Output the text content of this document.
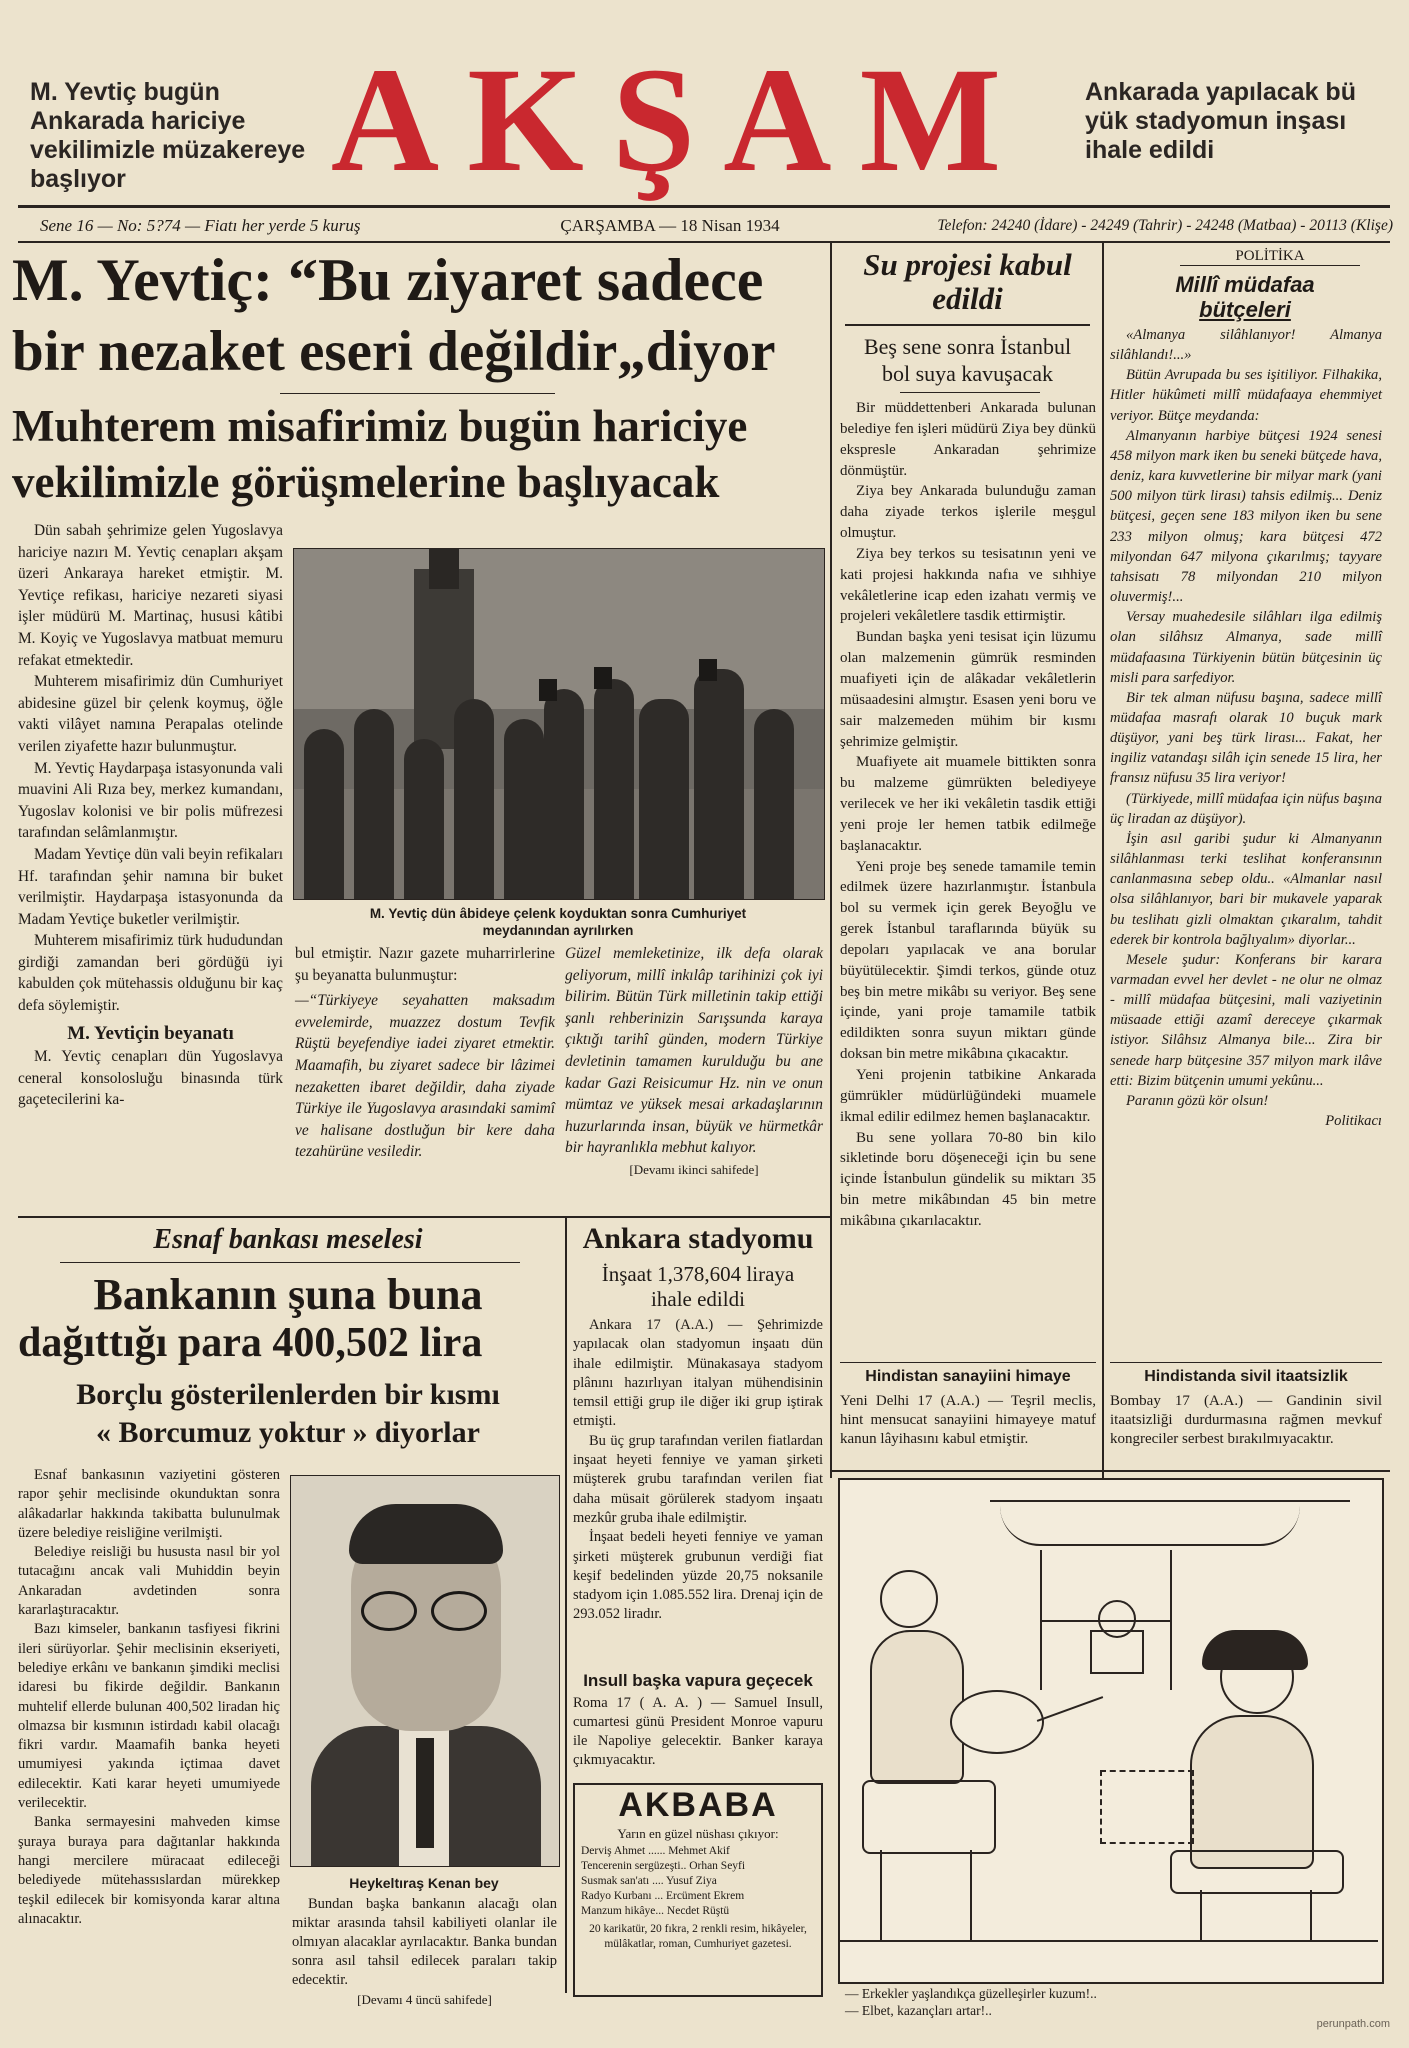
M. Yevtiç bugün Ankarada hariciye vekilimizle müzakereye başlıyor	AKŞAM Ankarada yapılacak bü yük stadyomun inşası ihale edildi
Sene 16 — No: 5?74 — Fiatı her yerde 5 kuruş	ÇARŞAMBA — 18 Nisan 1934	Telefon: 24240 (İdare) - 24249 (Tahrir) - 24248 (Matbaa) - 20113 (Klişe)
M. Yevtiç: “Bu ziyaret sadece
bir nezaket eseri değildir„diyor
Muhterem misafirimiz bugün hariciye
vekilimizle görüşmelerine başlıyacak

Dün sabah şehrimize gelen Yugoslavya hariciye nazırı M. Yevtiç cenapları akşam üzeri Ankaraya hareket etmiştir. M. Yevtiçe refikası, hariciye nezareti siyasi işler müdürü M. Martinaç, hususi kâtibi M. Koyiç ve Yugoslavya matbuat memuru refakat etmektedir.

Muhterem misafirimiz dün Cumhuriyet abidesine güzel bir çelenk koymuş, öğle vakti vilâyet namına Perapalas otelinde verilen ziyafette hazır bulunmuştur.

M. Yevtiç Haydarpaşa istasyonunda vali muavini Ali Rıza bey, merkez kumandanı, Yugoslav kolonisi ve bir polis müfrezesi tarafından selâmlanmıştır.

Madam Yevtiçe dün vali beyin refikaları Hf. tarafından şehir namına bir buket verilmiştir. Haydarpaşa istasyonunda da Madam Yevtiçe buketler verilmiştir.

Muhterem misafirimiz türk hududundan girdiği zamandan beri gördüğü iyi kabulden çok mütehassis olduğunu bir kaç defa söylemiştir.

M. Yevtiçin beyanatı

M. Yevtiç cenapları dün Yugoslavya ceneral konsolosluğu binasında türk gaçetecilerini ka-

M. Yevtiç dün âbideye çelenk koyduktan sonra Cumhuriyet
meydanından ayrılırken

bul etmiştir. Nazır gazete muharrirlerine şu beyanatta bulunmuştur:

—“Türkiyeye seyahatten maksadım evvelemirde, muazzez dostum Tevfik Rüştü beyefendiye iadei ziyaret etmektir. Maamafih, bu ziyaret sadece bir lâzimei nezaketten ibaret değildir, daha ziyade Türkiye ile Yugoslavya arasındaki samimî ve halisane dostluğun bir kere daha tezahürüne vesiledir.

Güzel memleketinize, ilk defa olarak geliyorum, millî inkılâp tarihinizi çok iyi bilirim. Bütün Türk milletinin takip ettiği şanlı rehberinizin Sarışsunda karaya çıktığı tarihî günden, modern Türkiye devletinin tamamen kurulduğu bu ane kadar Gazi Reisicumur Hz. nin ve onun mümtaz ve yüksek mesai arkadaşlarının huzurlarında insan, büyük ve hürmetkâr bir hayranlıkla mebhut kalıyor.

[Devamı ikinci sahifede]

Su projesi kabul
edildi
Beş sene sonra İstanbul
bol suya kavuşacak

Bir müddettenberi Ankarada bulunan belediye fen işleri müdürü Ziya bey dünkü ekspresle Ankaradan şehrimize dönmüştür.

Ziya bey Ankarada bulunduğu zaman daha ziyade terkos işlerile meşgul olmuştur.

Ziya bey terkos su tesisatının yeni ve kati projesi hakkında nafıa ve sıhhiye vekâletlerine icap eden izahatı vermiş ve projeleri vekâletlere tasdik ettirmiştir.

Bundan başka yeni tesisat için lüzumu olan malzemenin gümrük resminden muafiyeti için de alâkadar vekâletlerin müsaadesini almıştır. Esasen yeni boru ve sair malzemeden mühim bir kısmı şehrimize gelmiştir.

Muafiyete ait muamele bittikten sonra bu malzeme gümrükten belediyeye verilecek ve her iki vekâletin tasdik ettiği yeni proje ler hemen tatbik edilmeğe başlanacaktır.

Yeni proje beş senede tamamile temin edilmek üzere hazırlanmıştır. İstanbula bol su vermek için gerek Beyoğlu ve gerek İstanbul taraflarında büyük su depoları yapılacak ve ana borular büyütülecektir. Şimdi terkos, günde otuz beş bin metre mikâbı su veriyor. Beş sene içinde, yani proje tamamile tatbik edildikten sonra suyun miktarı günde doksan bin metre mikâbına çıkacaktır.

Yeni projenin tatbikine Ankarada gümrükler müdürlüğündeki muamele ikmal edilir edilmez hemen başlanacaktır.

Bu sene yollara 70-80 bin kilo sikletinde boru döşeneceği için bu sene içinde İstanbulun gündelik su miktarı 35 bin metre mikâbından 45 bin metre mikâbına çıkarılacaktır.

POLİTİKA
Millî müdafaa
bütçeleri

«Almanya silâhlanıyor! Almanya silâhlandı!...»

Bütün Avrupada bu ses işitiliyor. Filhakika, Hitler hükûmeti millî müdafaaya ehemmiyet veriyor. Bütçe meydanda:

Almanyanın harbiye bütçesi 1924 senesi 458 milyon mark iken bu seneki bütçede hava, deniz, kara kuvvetlerine bir milyar mark (yani 500 milyon türk lirası) tahsis edilmiş... Deniz bütçesi, geçen sene 183 milyon iken bu sene 233 milyon olmuş; kara bütçesi 472 milyondan 647 milyona çıkarılmış; tayyare tahsisatı 78 milyondan 210 milyon oluvermiş!...

Versay muahedesile silâhları ilga edilmiş olan silâhsız Almanya, sade millî müdafaasına Türkiyenin bütün bütçesinin üç misli para sarfediyor.

Bir tek alman nüfusu başına, sadece millî müdafaa masrafı olarak 10 buçuk mark düşüyor, yani beş türk lirası... Fakat, her ingiliz vatandaşı silâh için senede 15 lira, her fransız nüfusu 35 lira veriyor!

(Türkiyede, millî müdafaa için nüfus başına üç liradan az düşüyor).

İşin asıl garibi şudur ki Almanyanın silâhlanması terki teslihat konferansının canlanmasına sebep oldu.. «Almanlar nasıl olsa silâhlanıyor, bari bir mukavele yaparak bu teslihatı gizli olmaktan çıkaralım, tahdit ederek bir kontrola bağlıyalım» diyorlar...

Mesele şudur: Konferans bir karara varmadan evvel her devlet - ne olur ne olmaz - millî müdafaa bütçesini, mali vaziyetinin müsaade ettiği azamî dereceye çıkarmak istiyor. Silâhsız Almanya bile... Zira bir senede harp bütçesine 357 milyon mark ilâve etti: Bizim bütçenin umumi yekûnu...

Paranın gözü kör olsun!

Politikacı

Hindistan sanayiini himaye
Yeni Delhi 17 (A.A.) — Teşril meclis, hint mensucat sanayiini himayeye matuf kanun lâyihasını kabul etmiştir.
Hindistanda sivil itaatsizlik
Bombay 17 (A.A.) — Gandinin sivil itaatsizliği durdurmasına rağmen mevkuf kongreciler serbest bırakılmıyacaktır.
Esnaf bankası meselesi
Bankanın şuna buna
dağıttığı para 400,502 lira
Borçlu gösterilenlerden bir kısmı
« Borcumuz yoktur » diyorlar

Esnaf bankasının vaziyetini gösteren rapor şehir meclisinde okunduktan sonra alâkadarlar hakkında takibatta bulunulmak üzere belediye reisliğine verilmişti.

Belediye reisliği bu hususta nasıl bir yol tutacağını ancak vali Muhiddin beyin Ankaradan avdetinden sonra kararlaştıracaktır.

Bazı kimseler, bankanın tasfiyesi fikrini ileri sürüyorlar. Şehir meclisinin ekseriyeti, belediye erkânı ve bankanın şimdiki meclisi idaresi bu fikirde değildir. Bankanın muhtelif ellerde bulunan 400,502 liradan hiç olmazsa bir kısmının istirdadı kabil olacağı fikri vardır. Maamafih banka heyeti umumiyesi yakında içtimaa davet edilecektir. Kati karar heyeti umumiyede verilecektir.

Banka sermayesini mahveden kimse şuraya buraya para dağıtanlar hakkında hangi mercilere müracaat edileceği belediyede mütehassıslardan mürekkep teşkil edilecek bir komisyonda karar altına alınacaktır.

Heykeltıraş Kenan bey

Bundan başka bankanın alacağı olan miktar arasında tahsil kabiliyeti olanlar ile olmıyan alacaklar ayrılacaktır. Banka bundan sonra asıl tahsil edilecek paraları takip edecektir.

[Devamı 4 üncü sahifede]

Ankara stadyomu
İnşaat 1,378,604 liraya
ihale edildi

Ankara 17 (A.A.) — Şehrimizde yapılacak olan stadyomun inşaatı dün ihale edilmiştir. Münakasaya stadyom plânını hazırlıyan italyan mühendisinin temsil ettiği grup ile diğer iki grup iştirak etmişti.

Bu üç grup tarafından verilen fiatlardan inşaat heyeti fenniye ve yaman şirketi müşterek grubu tarafından verilen fiat daha müsait görülerek stadyom inşaatı mezkûr gruba ihale edilmiştir.

İnşaat bedeli heyeti fenniye ve yaman şirketi müşterek grubunun verdiği fiat keşif bedelinden yüzde 20,75 noksanile stadyom için 1.085.552 lira. Drenaj için de 293.052 liradır.

Insull başka vapura geçecek
Roma 17 ( A. A. ) — Samuel Insull, cumartesi günü President Monroe vapuru ile Napoliye gelecektir. Banker karaya çıkmıyacaktır.
AKBABA
Yarın en güzel nüshası çıkıyor:
Derviş Ahmet ...... Mehmet Akif
Tencerenin sergüzeşti.. Orhan Seyfi
Susmak san'atı .... Yusuf Ziya
Radyo Kurbanı ... Ercüment Ekrem
Manzum hikâye... Necdet Rüştü
20 karikatür, 20 fıkra, 2 renkli resim, hikâyeler, mülâkatlar, roman, Cumhuriyet gazetesi.
— Erkekler yaşlandıkça güzelleşirler kuzum!..
— Elbet, kazançları artar!..
perunpath.com
